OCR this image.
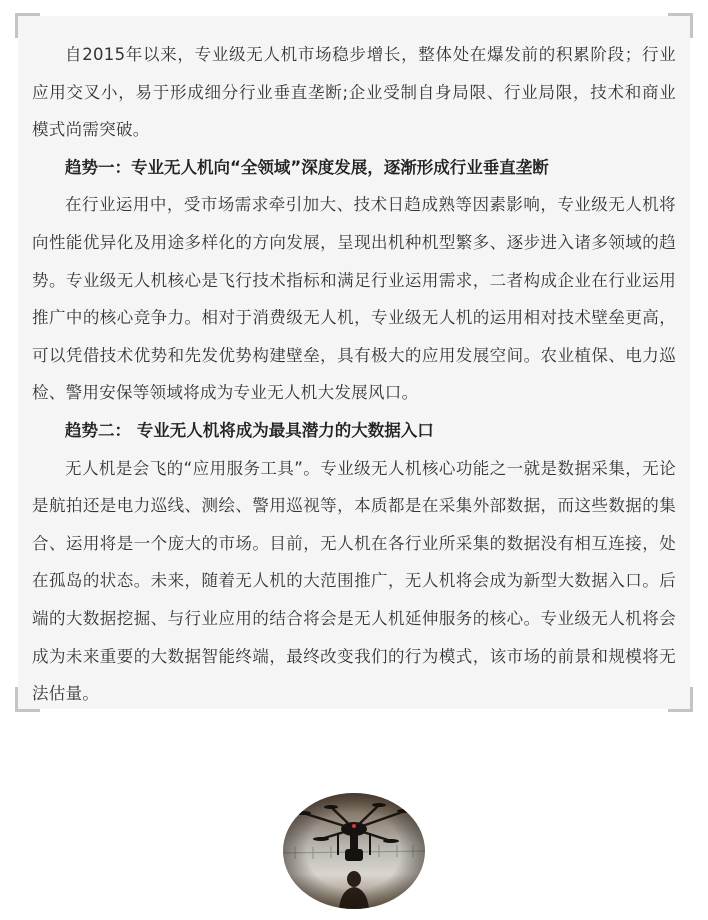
自2015年以来，专业级无人机市场稳步增长，整体处在爆发前的积累阶段；行业应用交叉小，易于形成细分行业垂直垄断;企业受制自身局限、行业局限，技术和商业模式尚需突破。

趋势一：专业无人机向“全领域”深度发展，逐渐形成行业垂直垄断

在行业运用中，受市场需求牵引加大、技术日趋成熟等因素影响，专业级无人机将向性能优异化及用途多样化的方向发展，呈现出机种机型繁多、逐步进入诸多领域的趋势。专业级无人机核心是飞行技术指标和满足行业运用需求，二者构成企业在行业运用推广中的核心竞争力。相对于消费级无人机，专业级无人机的运用相对技术壁垒更高，可以凭借技术优势和先发优势构建壁垒，具有极大的应用发展空间。农业植保、电力巡检、警用安保等领域将成为专业无人机大发展风口。

趋势二： 专业无人机将成为最具潜力的大数据入口

无人机是会飞的“应用服务工具”。专业级无人机核心功能之一就是数据采集，无论是航拍还是电力巡线、测绘、警用巡视等，本质都是在采集外部数据，而这些数据的集合、运用将是一个庞大的市场。目前，无人机在各行业所采集的数据没有相互连接，处在孤岛的状态。未来，随着无人机的大范围推广，无人机将会成为新型大数据入口。后端的大数据挖掘、与行业应用的结合将会是无人机延伸服务的核心。专业级无人机将会成为未来重要的大数据智能终端，最终改变我们的行为模式，该市场的前景和规模将无法估量。
